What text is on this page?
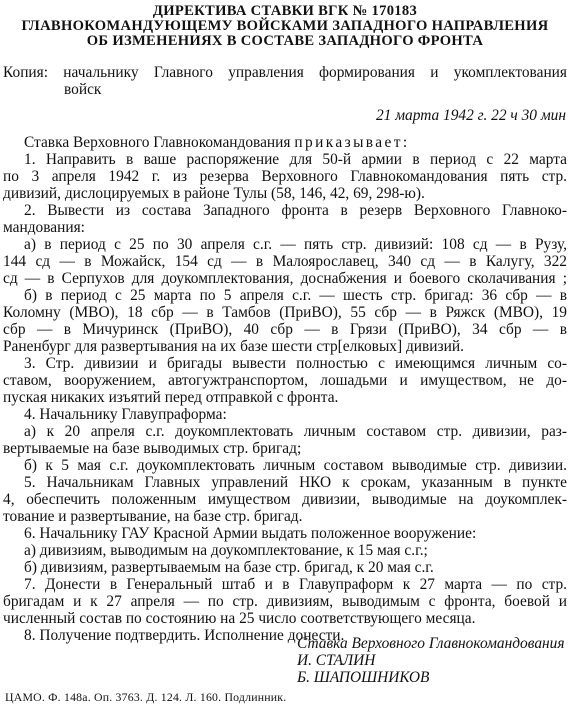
ДИРЕКТИВА СТАВКИ ВГК № 170183
ГЛАВНОКОМАНДУЮЩЕМУ ВОЙСКАМИ ЗАПАДНОГО НАПРАВЛЕНИЯ
ОБ ИЗМЕНЕНИЯХ В СОСТАВЕ ЗАПАДНОГО ФРОНТА
Копия: начальнику Главного управления формирования и укомплектования
войск
21 марта 1942 г. 22 ч 30 мин
Ставка Верховного Главнокомандования приказывает:
1. Направить в ваше распоряжение для 50-й армии в период с 22 марта
по 3 апреля 1942 г. из резерва Верховного Главнокомандования пять стр.
дивизий, дислоцируемых в районе Тулы (58, 146, 42, 69, 298-ю).
2. Вывести из состава Западного фронта в резерв Верховного Главноко-
мандования:
а) в период с 25 по 30 апреля с.г. — пять стр. дивизий: 108 сд — в Рузу,
144 сд — в Можайск, 154 сд — в Малоярославец, 340 сд — в Калугу, 322
сд — в Серпухов для доукомплектования, доснабжения и боевого сколачивания ;
б) в период с 25 марта по 5 апреля с.г. — шесть стр. бригад: 36 сбр — в
Коломну (МВО), 18 сбр — в Тамбов (ПриВО), 55 сбр — в Ряжск (МВО), 19
сбр — в Мичуринск (ПриВО), 40 сбр — в Грязи (ПриВО), 34 сбр — в
Раненбург для развертывания на их базе шести стр[елковых] дивизий.
3. Стр. дивизии и бригады вывести полностью с имеющимся личным со-
ставом, вооружением, автогужтранспортом, лошадьми и имуществом, не до-
пуская никаких изъятий перед отправкой с фронта.
4. Начальнику Главупраформа:
а) к 20 апреля с.г. доукомплектовать личным составом стр. дивизии, раз-
вертываемые на базе выводимых стр. бригад;
б) к 5 мая с.г. доукомплектовать личным составом выводимые стр. дивизии.
5. Начальникам Главных управлений НКО к срокам, указанным в пункте
4, обеспечить положенным имуществом дивизии, выводимые на доукомплек-
тование и развертывание, на базе стр. бригад.
6. Начальнику ГАУ Красной Армии выдать положенное вооружение:
а) дивизиям, выводимым на доукомплектование, к 15 мая с.г.;
б) дивизиям, развертываемым на базе стр. бригад, к 20 мая с.г.
7. Донести в Генеральный штаб и в Главупраформ к 27 марта — по стр.
бригадам и к 27 апреля — по стр. дивизиям, выводимым с фронта, боевой и
численный состав по состоянию на 25 число соответствующего месяца.
8. Получение подтвердить. Исполнение донести.
Ставка Верховного Главнокомандования
И. СТАЛИН
Б. ШАПОШНИКОВ
ЦАМО. Ф. 148а. Оп. 3763. Д. 124. Л. 160. Подлинник.
